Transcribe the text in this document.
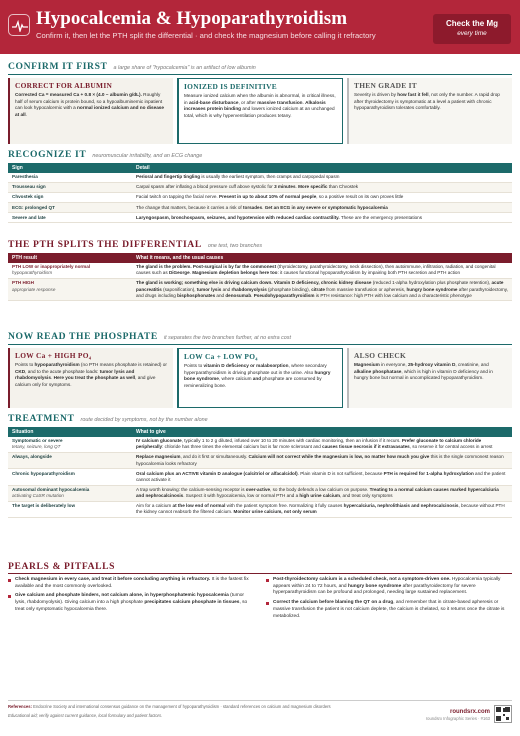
Hypocalcemia & Hypoparathyroidism
Confirm it, then let the PTH split the differential · and check the magnesium before calling it refractory
Check the Mg
every time
CONFIRM IT FIRST a large share of "hypocalcemia" is an artifact of low albumin
CORRECT FOR ALBUMIN
Corrected Ca = measured Ca + 0.8 × (4.0 − albumin g/dL). Roughly half of serum calcium is protein bound, so a hypoalbuminemic inpatient can look hypocalcemic with a normal ionized calcium and no disease at all.
IONIZED IS DEFINITIVE
Measure ionized calcium when the albumin is abnormal, in critical illness, in acid-base disturbance, or after massive transfusion. Alkalosis increases protein binding and lowers ionized calcium at an unchanged total, which is why hyperventilation produces tetany.
THEN GRADE IT
Severity is driven by how fast it fell, not only the number. A rapid drop after thyroidectomy is symptomatic at a level a patient with chronic hypoparathyroidism tolerates comfortably.
RECOGNIZE IT neuromuscular irritability, and an ECG change
Sign	Detail
Paresthesia	Perioral and fingertip tingling is usually the earliest symptom, then cramps and carpopedal spasm
Trousseau sign	Carpal spasm after inflating a blood pressure cuff above systolic for 3 minutes. More specific than Chvostek
Chvostek sign	Facial twitch on tapping the facial nerve. Present in up to about 10% of normal people, so a positive result on its own proves little
ECG: prolonged QT	The change that matters, because it carries a risk of torsades. Get an ECG in any severe or symptomatic hypocalcemia
Severe and late	Laryngospasm, bronchospasm, seizures, and hypotension with reduced cardiac contractility. These are the emergency presentations
THE PTH SPLITS THE DIFFERENTIAL one test, two branches
PTH result	What it means, and the usual causes
PTH LOW or inappropriately normal
hypoparathyroidism	The gland is the problem. Post-surgical is by far the commonest (thyroidectomy, parathyroidectomy, neck dissection), then autoimmune, infiltration, radiation, and congenital causes such as DiGeorge. Magnesium depletion belongs here too: it causes functional hypoparathyroidism by impairing both PTH secretion and PTH action
PTH HIGH
appropriate response	The gland is working; something else is driving calcium down. Vitamin D deficiency, chronic kidney disease (reduced 1-alpha hydroxylation plus phosphate retention), acute pancreatitis (saponification), tumor lysis and rhabdomyolysis (phosphate binding), citrate from massive transfusion or apheresis, hungry bone syndrome after parathyroidectomy, and drugs including bisphosphonates and denosumab. Pseudohypoparathyroidism is PTH resistance: high PTH with low calcium and a characteristic phenotype
NOW READ THE PHOSPHATE it separates the two branches further, at no extra cost
LOW Ca + HIGH PO₄
Points to hypoparathyroidism (no PTH means phosphate is retained) or CKD, and to the acute phosphate loads: tumor lysis and rhabdomyolysis. Here you treat the phosphate as well, and give calcium only for symptoms.
LOW Ca + LOW PO₄
Points to vitamin D deficiency or malabsorption, where secondary hyperparathyroidism is driving phosphate out in the urine. Also hungry bone syndrome, where calcium and phosphate are consumed by remineralizing bone.
ALSO CHECK
Magnesium in everyone, 25-hydroxy vitamin D, creatinine, and alkaline phosphatase, which is high in vitamin D deficiency and in hungry bone but normal in uncomplicated hypoparathyroidism.
TREATMENT route decided by symptoms, not by the number alone
Situation	What to give
Symptomatic or severe
tetany, seizure, long QT	IV calcium gluconate, typically 1 to 2 g diluted, infused over 10 to 20 minutes with cardiac monitoring, then an infusion if it recurs. Prefer gluconate to calcium chloride peripherally: chloride has three times the elemental calcium but is far more sclerosant and causes tissue necrosis if it extravasates, so reserve it for central access in arrest
Always, alongside	Replace magnesium, and do it first or simultaneously. Calcium will not correct while the magnesium is low, no matter how much you give this is the single commonest reason hypocalcemia looks refractory
Chronic hypoparathyroidism	Oral calcium plus an ACTIVE vitamin D analogue (calcitriol or alfacalcidol). Plain vitamin D is not sufficient, because PTH is required for 1-alpha hydroxylation and the patient cannot activate it
Autosomal dominant hypocalcemia
activating CaSR mutation	A trap worth knowing: the calcium-sensing receptor is over-active, so the body defends a low calcium on purpose. Treating to a normal calcium causes marked hypercalciuria and nephrocalcinosis. Suspect it with hypocalcemia, low or normal PTH and a high urine calcium, and treat only symptoms
The target is deliberately low	Aim for a calcium at the low end of normal with the patient symptom free. Normalizing it fully causes hypercalciuria, nephrolithiasis and nephrocalcinosis, because without PTH the kidney cannot reabsorb the filtered calcium. Monitor urine calcium, not only serum
PEARLS & PITFALLS
Check magnesium in every case, and treat it before concluding anything is refractory. It is the fastest fix available and the most commonly overlooked.
Give calcium and phosphate binders, not calcium alone, in hyperphosphatemic hypocalcemia (tumor lysis, rhabdomyolysis). Giving calcium into a high phosphate precipitates calcium phosphate in tissues, so treat only symptomatic hypocalcemia there.
Post-thyroidectomy calcium is a scheduled check, not a symptom-driven one. Hypocalcemia typically appears within 24 to 72 hours, and hungry bone syndrome after parathyroidectomy for severe hyperparathyroidism can be profound and prolonged, needing large sustained replacement.
Correct the calcium before blaming the QT on a drug, and remember that in citrate-based apheresis or massive transfusion the patient is not calcium deplete, the calcium is chelated, so it returns once the citrate is metabolized.
References: Endocrine Society and international consensus guidance on the management of hypoparathyroidism · standard references on calcium and magnesium disorders
Educational aid; verify against current guidance, local formulary and patient factors.
roundsrx.com
roundsrx Infographic Series · #163
